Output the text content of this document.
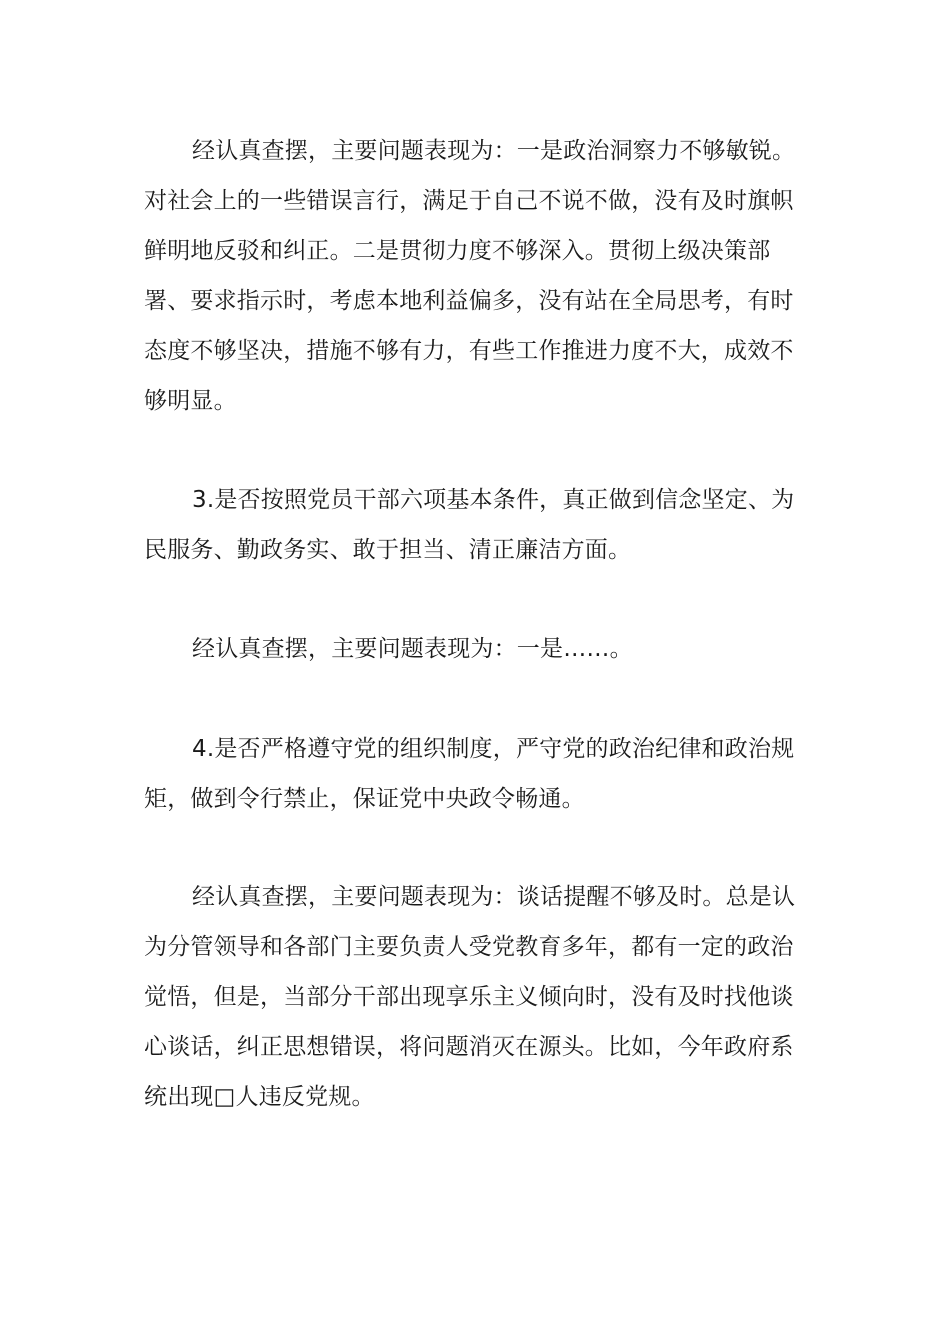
经认真查摆，主要问题表现为：一是政治洞察力不够敏锐。对社会上的一些错误言行，满足于自己不说不做，没有及时旗帜鲜明地反驳和纠正。二是贯彻力度不够深入。贯彻上级决策部署、要求指示时，考虑本地利益偏多，没有站在全局思考，有时态度不够坚决，措施不够有力，有些工作推进力度不大，成效不够明显。

3.是否按照党员干部六项基本条件，真正做到信念坚定、为民服务、勤政务实、敢于担当、清正廉洁方面。

经认真查摆，主要问题表现为：一是……。

4.是否严格遵守党的组织制度，严守党的政治纪律和政治规矩，做到令行禁止，保证党中央政令畅通。

经认真查摆，主要问题表现为：谈话提醒不够及时。总是认为分管领导和各部门主要负责人受党教育多年，都有一定的政治觉悟，但是，当部分干部出现享乐主义倾向时，没有及时找他谈心谈话，纠正思想错误，将问题消灭在源头。比如，今年政府系统出现□人违反党规。
